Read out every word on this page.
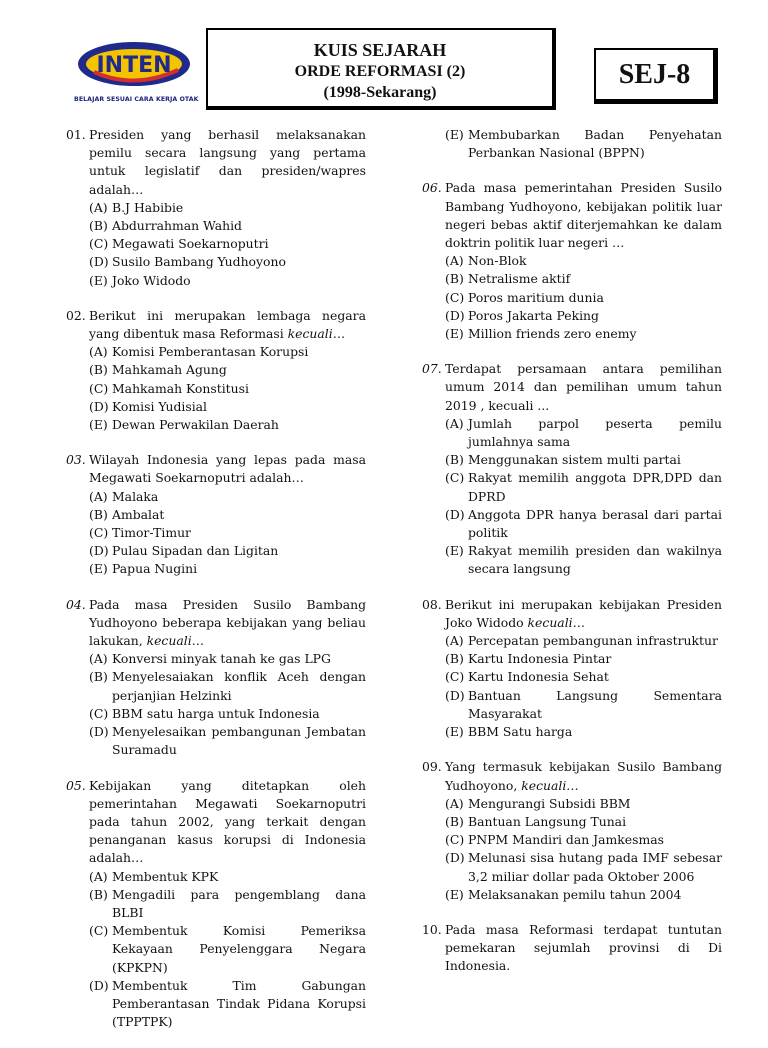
INTEN
BELAJAR SESUAI CARA KERJA OTAK
KUIS SEJARAH
ORDE REFORMASI (2)
(1998-Sekarang)
SEJ-8
01. Presiden yang berhasil melaksanakan pemilu secara langsung yang pertama untuk legislatif dan presiden/wapres adalah…
(A) B.J Habibie
(B) Abdurrahman Wahid
(C) Megawati Soekarnoputri
(D) Susilo Bambang Yudhoyono
(E) Joko Widodo
02. Berikut ini merupakan lembaga negara yang dibentuk masa Reformasi kecuali…
(A) Komisi Pemberantasan Korupsi
(B) Mahkamah Agung
(C) Mahkamah Konstitusi
(D) Komisi Yudisial
(E) Dewan Perwakilan Daerah
03. Wilayah Indonesia yang lepas pada masa Megawati Soekarnoputri adalah…
(A) Malaka
(B) Ambalat
(C) Timor-Timur
(D) Pulau Sipadan dan Ligitan
(E) Papua Nugini
04. Pada masa Presiden Susilo Bambang Yudhoyono beberapa kebijakan yang beliau lakukan, kecuali…
(A) Konversi minyak tanah ke gas LPG
(B) Menyelesaiakan konflik Aceh dengan perjanjian Helzinki
(C) BBM satu harga untuk Indonesia
(D) Menyelesaikan pembangunan Jembatan Suramadu
05. Kebijakan yang ditetapkan oleh pemerintahan Megawati Soekarnoputri pada tahun 2002, yang terkait dengan penanganan kasus korupsi di Indonesia adalah…
(A) Membentuk KPK
(B) Mengadili para pengemblang dana BLBI
(C) Membentuk Komisi Pemeriksa Kekayaan Penyelenggara Negara (KPKPN)
(D) Membentuk Tim Gabungan Pemberantasan Tindak Pidana Korupsi (TPPTPK)
(E) Membubarkan Badan Penyehatan Perbankan Nasional (BPPN)
06. Pada masa pemerintahan Presiden Susilo Bambang Yudhoyono, kebijakan politik luar negeri bebas aktif diterjemahkan ke dalam doktrin politik luar negeri …
(A) Non-Blok
(B) Netralisme aktif
(C) Poros maritium dunia
(D) Poros Jakarta Peking
(E) Million friends zero enemy
07. Terdapat persamaan antara pemilihan umum 2014 dan pemilihan umum tahun 2019 , kecuali ...
(A) Jumlah parpol peserta pemilu jumlahnya sama
(B) Menggunakan sistem multi partai
(C) Rakyat memilih anggota DPR,DPD dan DPRD
(D) Anggota DPR hanya berasal dari partai politik
(E) Rakyat memilih presiden dan wakilnya secara langsung
08. Berikut ini merupakan kebijakan Presiden Joko Widodo kecuali…
(A) Percepatan pembangunan infrastruktur
(B) Kartu Indonesia Pintar
(C) Kartu Indonesia Sehat
(D) Bantuan Langsung Sementara Masyarakat
(E) BBM Satu harga
09. Yang termasuk kebijakan Susilo Bambang Yudhoyono, kecuali…
(A) Mengurangi Subsidi BBM
(B) Bantuan Langsung Tunai
(C) PNPM Mandiri dan Jamkesmas
(D) Melunasi sisa hutang pada IMF sebesar 3,2 miliar dollar pada Oktober 2006
(E) Melaksanakan pemilu tahun 2004
10. Pada masa Reformasi terdapat tuntutan pemekaran sejumlah provinsi di Di Indonesia.
